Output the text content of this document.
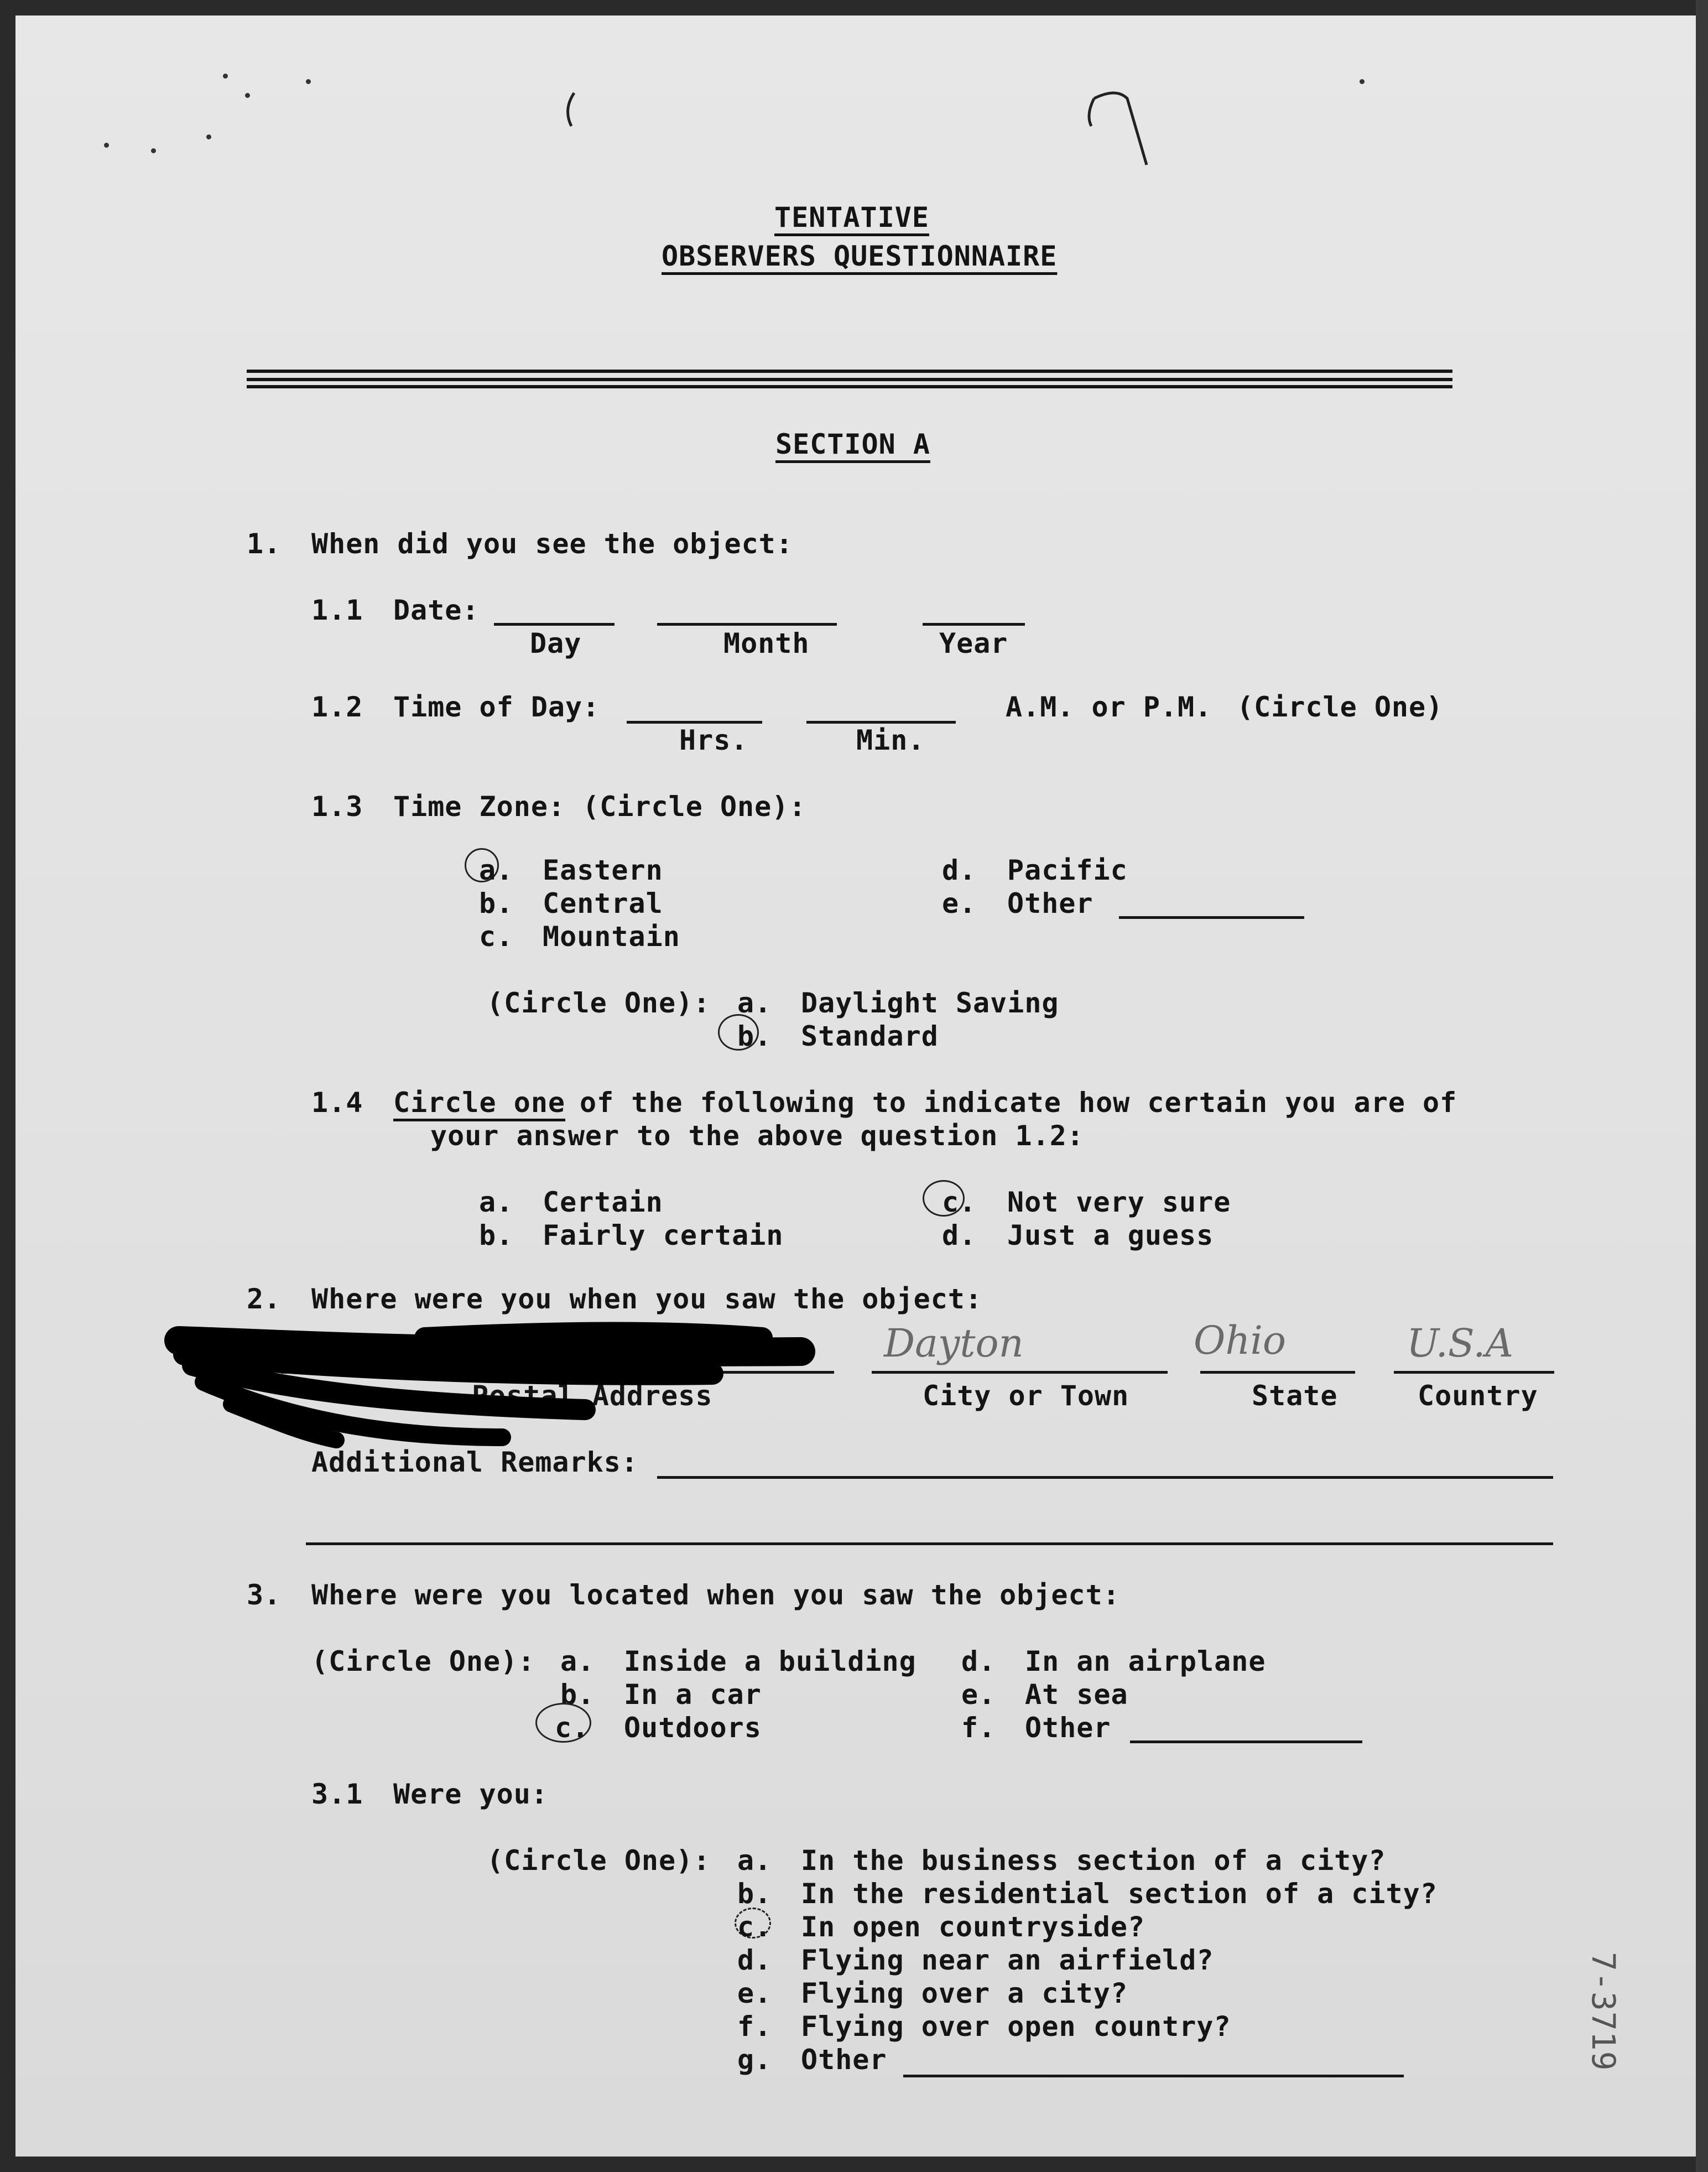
TENTATIVE
OBSERVERS QUESTIONNAIRE
SECTION A
1. When did you see the object:
1.1 Date:
Day	Month	Year
1.2 Time of Day:
Hrs.	Min.
A.M. or P.M. (Circle One)
1.3 Time Zone: (Circle One):
a. Eastern
b. Central
c. Mountain
d. Pacific
e. Other
(Circle One): a. Daylight Saving
b. Standard
1.4 Circle one of the following to indicate how certain you are of
your answer to the above question 1.2:
a. Certain
b. Fairly certain
c. Not very sure
d. Just a guess
2. Where were you when you saw the object:
Dayton	Ohio	U.S.A
Postal Address	City or Town	State	Country
Additional Remarks:
3. Where were you located when you saw the object:
(Circle One): a. Inside a building
b. In a car
c. Outdoors
d. In an airplane
e. At sea
f. Other
3.1 Were you:
(Circle One): a. In the business section of a city?
b. In the residential section of a city?
c. In open countryside?
d. Flying near an airfield?
e. Flying over a city?
f. Flying over open country?
g. Other	7-3719
